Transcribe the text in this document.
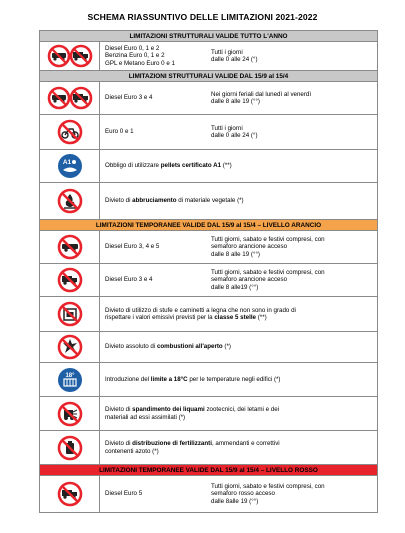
SCHEMA RIASSUNTIVO DELLE LIMITAZIONI 2021-2022
LIMITAZIONI STRUTTURALI VALIDE TUTTO L'ANNO
Diesel Euro 0, 1 e 2
Benzina Euro 0, 1 e 2
GPL e Metano Euro 0 e 1
Tutti i giorni
dalle 0 alle 24 (°)
LIMITAZIONI STRUTTURALI VALIDE DAL 15/9 al 15/4
Diesel Euro 3 e 4
Nei giorni feriali dal lunedì al venerdì
dalle 8 alle 19 (°°)
Euro 0 e 1
Tutti i giorni
dalle 0 alle 24 (°)
A1	Obbligo di utilizzare pellets certificato A1 (**)
Divieto di abbruciamento di materiale vegetale (*)
LIMITAZIONI TEMPORANEE VALIDE DAL 15/9 al 15/4 – LIVELLO ARANCIO
Diesel Euro 3, 4 e 5
Tutti giorni, sabato e festivi compresi, con
semaforo arancione acceso
dalle 8 alle 19 (°°)
Diesel Euro 3 e 4
Tutti giorni, sabato e festivi compresi, con
semaforo arancione acceso
dalle 8 alle19 (°°)
Divieto di utilizzo di stufe e caminetti a legna che non sono in grado di
rispettare i valori emissivi previsti per la classe 5 stelle (**)
Divieto assoluto di combustioni all'aperto (*)
18°
Introduzione del limite a 18°C per le temperature negli edifici (*)
Divieto di spandimento dei liquami zootecnici, dei letami e dei
materiali ad essi assimilati (*)
Divieto di distribuzione di fertilizzanti, ammendanti e correttivi
contenenti azoto (*)
LIMITAZIONI TEMPORANEE VALIDE DAL 15/9 al 15/4 – LIVELLO ROSSO
Diesel Euro 5
Tutti giorni, sabato e festivi compresi, con
semaforo rosso acceso
dalle 8alle 19 (°°)
